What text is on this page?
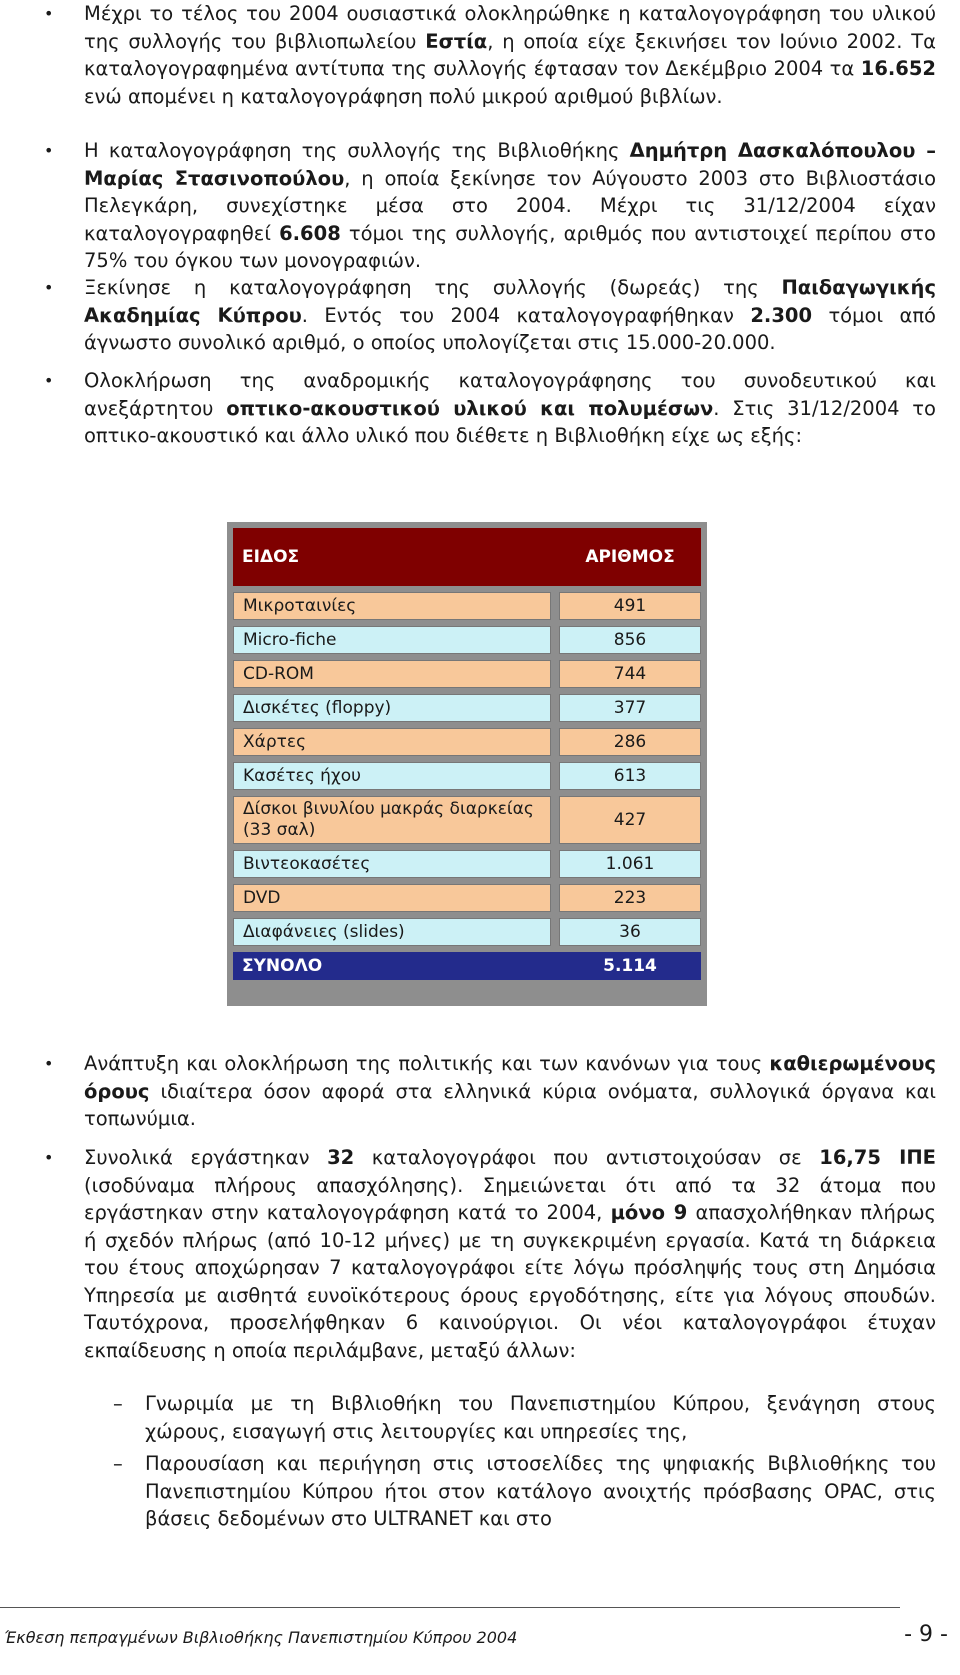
• Μέχρι το τέλος του 2004 ουσιαστικά ολοκληρώθηκε η καταλογογράφηση του υλικού της συλλογής του βιβλιοπωλείου Εστία, η οποία είχε ξεκινήσει τον Ιούνιο 2002. Τα καταλογογραφημένα αντίτυπα της συλλογής έφτασαν τον Δεκέμβριο 2004 τα 16.652 ενώ απομένει η καταλογογράφηση πολύ μικρού αριθμού βιβλίων.
• Η καταλογογράφηση της συλλογής της Βιβλιοθήκης Δημήτρη Δασκαλόπουλου – Μαρίας Στασινοπούλου, η οποία ξεκίνησε τον Αύγουστο 2003 στο Βιβλιοστάσιο Πελεγκάρη, συνεχίστηκε μέσα στο 2004. Μέχρι τις 31/12/2004 είχαν καταλογογραφηθεί 6.608 τόμοι της συλλογής, αριθμός που αντιστοιχεί περίπου στο 75% του όγκου των μονογραφιών.
• Ξεκίνησε η καταλογογράφηση της συλλογής (δωρεάς) της Παιδαγωγικής Ακαδημίας Κύπρου. Εντός του 2004 καταλογογραφήθηκαν 2.300 τόμοι από άγνωστο συνολικό αριθμό, ο οποίος υπολογίζεται στις 15.000-20.000.
• Ολοκλήρωση της αναδρομικής καταλογογράφησης του συνοδευτικού και ανεξάρτητου οπτικο-ακουστικού υλικού και πολυμέσων. Στις 31/12/2004 το οπτικο-ακουστικό και άλλο υλικό που διέθετε η Βιβλιοθήκη είχε ως εξής:
ΕΙΔΟΣ		ΑΡΙΘΜΟΣ
Μικροταινίες		491
Micro-fiche		856
CD-ROM		744
Δισκέτες (floppy)		377
Χάρτες		286
Κασέτες ήχου		613
Δίσκοι βινυλίου μακράς διαρκείας (33 σαλ)		427
Βιντεοκασέτες		1.061
DVD		223
Διαφάνειες (slides)		36
ΣΥΝΟΛΟ		5.114
• Ανάπτυξη και ολοκλήρωση της πολιτικής και των κανόνων για τους καθιερωμένους όρους ιδιαίτερα όσον αφορά στα ελληνικά κύρια ονόματα, συλλογικά όργανα και τοπωνύμια.
• Συνολικά εργάστηκαν 32 καταλογογράφοι που αντιστοιχούσαν σε 16,75 ΙΠΕ (ισοδύναμα πλήρους απασχόλησης). Σημειώνεται ότι από τα 32 άτομα που εργάστηκαν στην καταλογογράφηση κατά το 2004, μόνο 9 απασχολήθηκαν πλήρως ή σχεδόν πλήρως (από 10-12 μήνες) με τη συγκεκριμένη εργασία. Κατά τη διάρκεια του έτους αποχώρησαν 7 καταλογογράφοι είτε λόγω πρόσληψής τους στη Δημόσια Υπηρεσία με αισθητά ευνοϊκότερους όρους εργοδότησης, είτε για λόγους σπουδών. Ταυτόχρονα, προσελήφθηκαν 6 καινούργιοι. Οι νέοι καταλογογράφοι έτυχαν εκπαίδευσης η οποία περιλάμβανε, μεταξύ άλλων:
– Γνωριμία με τη Βιβλιοθήκη του Πανεπιστημίου Κύπρου, ξενάγηση στους χώρους, εισαγωγή στις λειτουργίες και υπηρεσίες της,
– Παρουσίαση και περιήγηση στις ιστοσελίδες της ψηφιακής Βιβλιοθήκης του Πανεπιστημίου Κύπρου ήτοι στον κατάλογο ανοιχτής πρόσβασης OPAC, στις βάσεις δεδομένων στο ULTRANET και στο
Έκθεση πεπραγμένων Βιβλιοθήκης Πανεπιστημίου Κύπρου 2004	- 9 -
